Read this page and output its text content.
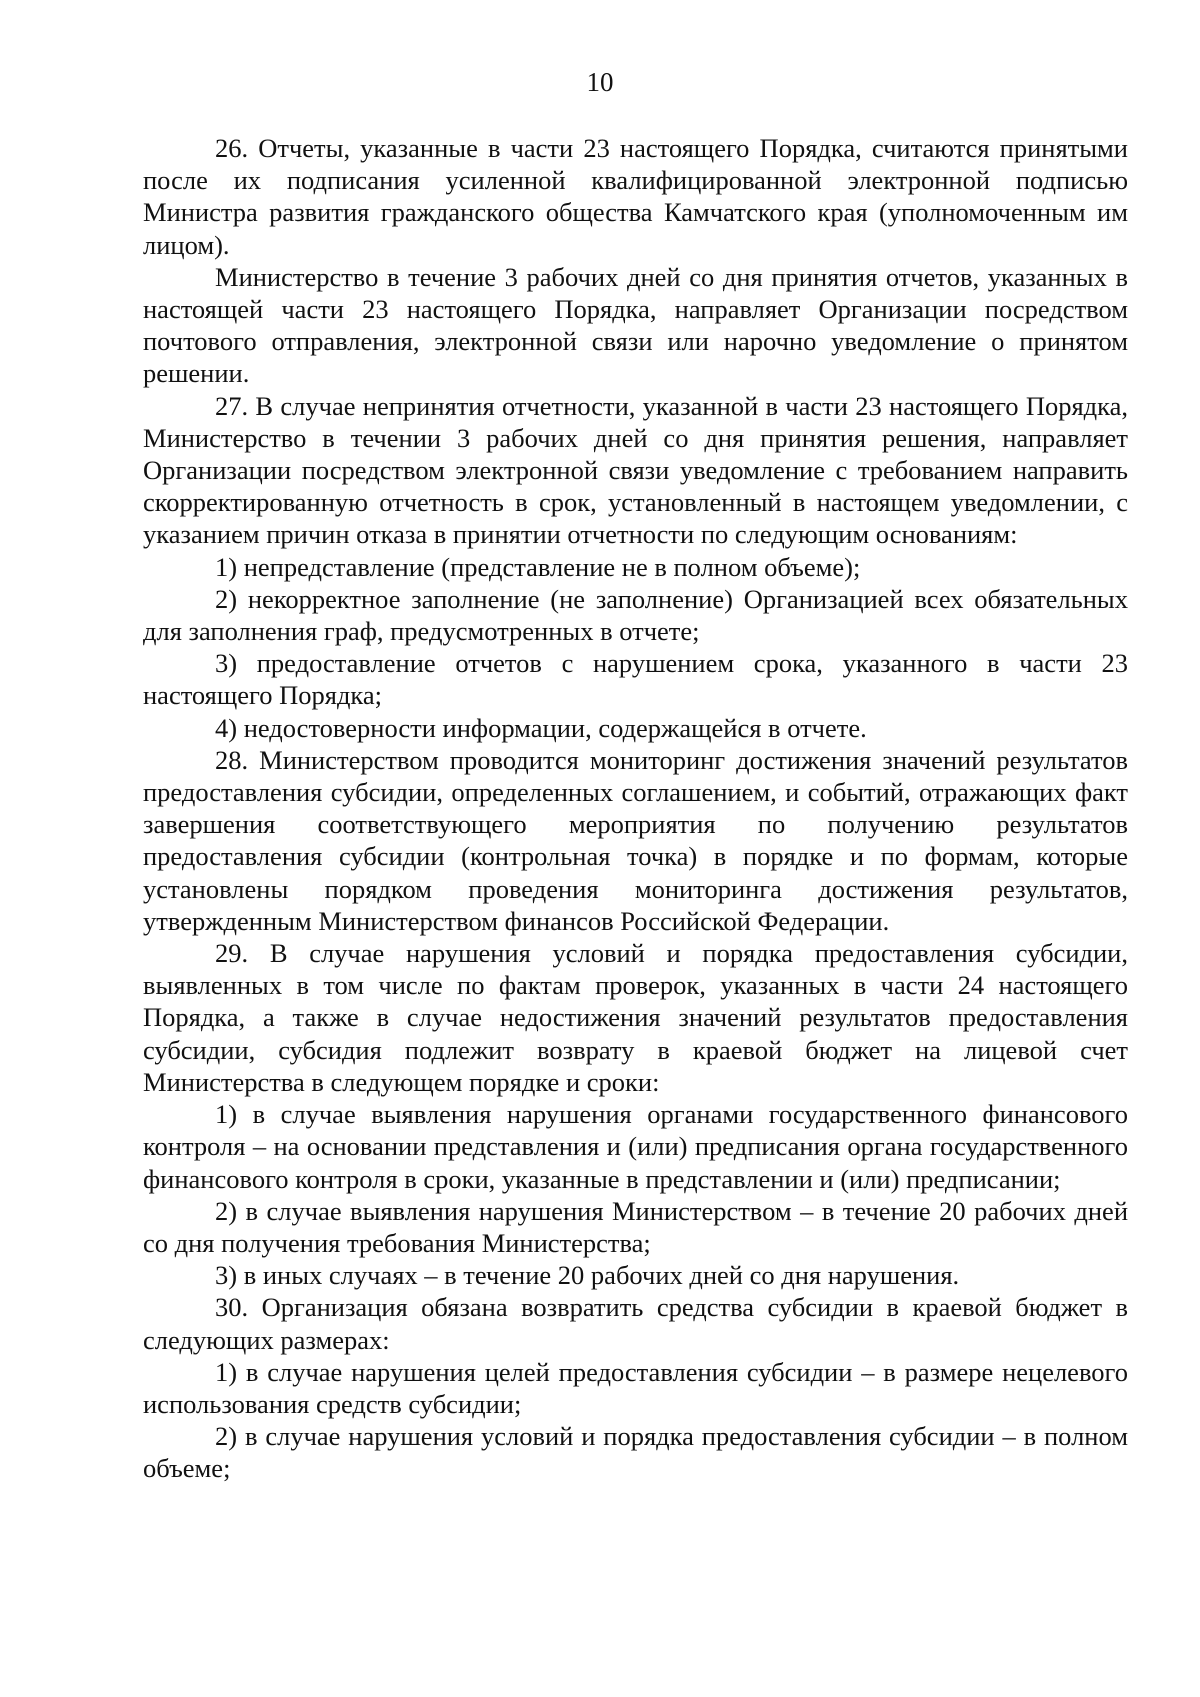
10

26. Отчеты, указанные в части 23 настоящего Порядка, считаются принятыми после их подписания усиленной квалифицированной электронной подписью Министра развития гражданского общества Камчатского края (уполномоченным им лицом).

Министерство в течение 3 рабочих дней со дня принятия отчетов, указанных в настоящей части 23 настоящего Порядка, направляет Организации посредством почтового отправления, электронной связи или нарочно уведомление о принятом решении.

27. В случае непринятия отчетности, указанной в части 23 настоящего Порядка, Министерство в течении 3 рабочих дней со дня принятия решения, направляет Организации посредством электронной связи уведомление с требованием направить скорректированную отчетность в срок, установленный в настоящем уведомлении, с указанием причин отказа в принятии отчетности по следующим основаниям:

1) непредставление (представление не в полном объеме);

2) некорректное заполнение (не заполнение) Организацией всех обязательных для заполнения граф, предусмотренных в отчете;

3) предоставление отчетов с нарушением срока, указанного в части 23 настоящего Порядка;

4) недостоверности информации, содержащейся в отчете.

28. Министерством проводится мониторинг достижения значений результатов предоставления субсидии, определенных соглашением, и событий, отражающих факт завершения соответствующего мероприятия по получению результатов предоставления субсидии (контрольная точка) в порядке и по формам, которые установлены порядком проведения мониторинга достижения результатов, утвержденным Министерством финансов Российской Федерации.

29. В случае нарушения условий и порядка предоставления субсидии, выявленных в том числе по фактам проверок, указанных в части 24 настоящего Порядка, а также в случае недостижения значений результатов предоставления субсидии, субсидия подлежит возврату в краевой бюджет на лицевой счет Министерства в следующем порядке и сроки:

1) в случае выявления нарушения органами государственного финансового контроля – на основании представления и (или) предписания органа государственного финансового контроля в сроки, указанные в представлении и (или) предписании;

2) в случае выявления нарушения Министерством – в течение 20 рабочих дней со дня получения требования Министерства;

3) в иных случаях – в течение 20 рабочих дней со дня нарушения.

30. Организация обязана возвратить средства субсидии в краевой бюджет в следующих размерах:

1) в случае нарушения целей предоставления субсидии – в размере нецелевого использования средств субсидии;

2) в случае нарушения условий и порядка предоставления субсидии – в полном объеме;
